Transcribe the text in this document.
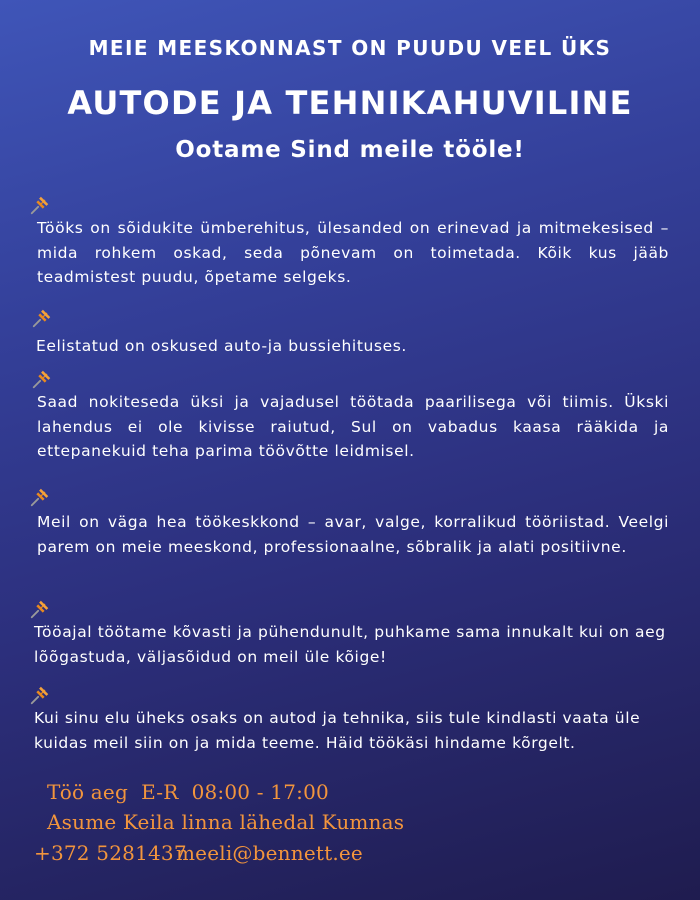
MEIE MEESKONNAST ON PUUDU VEEL ÜKS
AUTODE JA TEHNIKAHUVILINE
Ootame Sind meile tööle!
Tööks on sõidukite ümberehitus, ülesanded on erinevad ja mitmekesised – mida rohkem oskad, seda põnevam on toimetada. Kõik kus jääb teadmistest puudu, õpetame selgeks.
Eelistatud on oskused auto-ja bussiehituses.
Saad nokiteseda üksi ja vajadusel töötada paarilisega või tiimis. Ükski lahendus ei ole kivisse raiutud, Sul on vabadus kaasa rääkida ja ettepanekuid teha parima töövõtte leidmisel.
Meil on väga hea töökeskkond – avar, valge, korralikud tööriistad. Veelgi parem on meie meeskond, professionaalne, sõbralik ja alati positiivne.
Tööajal töötame kõvasti ja pühendunult, puhkame sama innukalt kui on aeg lõõgastuda, väljasõidud on meil üle kõige!
Kui sinu elu üheks osaks on autod ja tehnika, siis tule kindlasti vaata üle kuidas meil siin on ja mida teeme. Häid töökäsi hindame kõrgelt.
Töö aeg  E-R  08:00 - 17:00
Asume Keila linna lähedal Kumnas
+372 5281437
meeli@bennett.ee
